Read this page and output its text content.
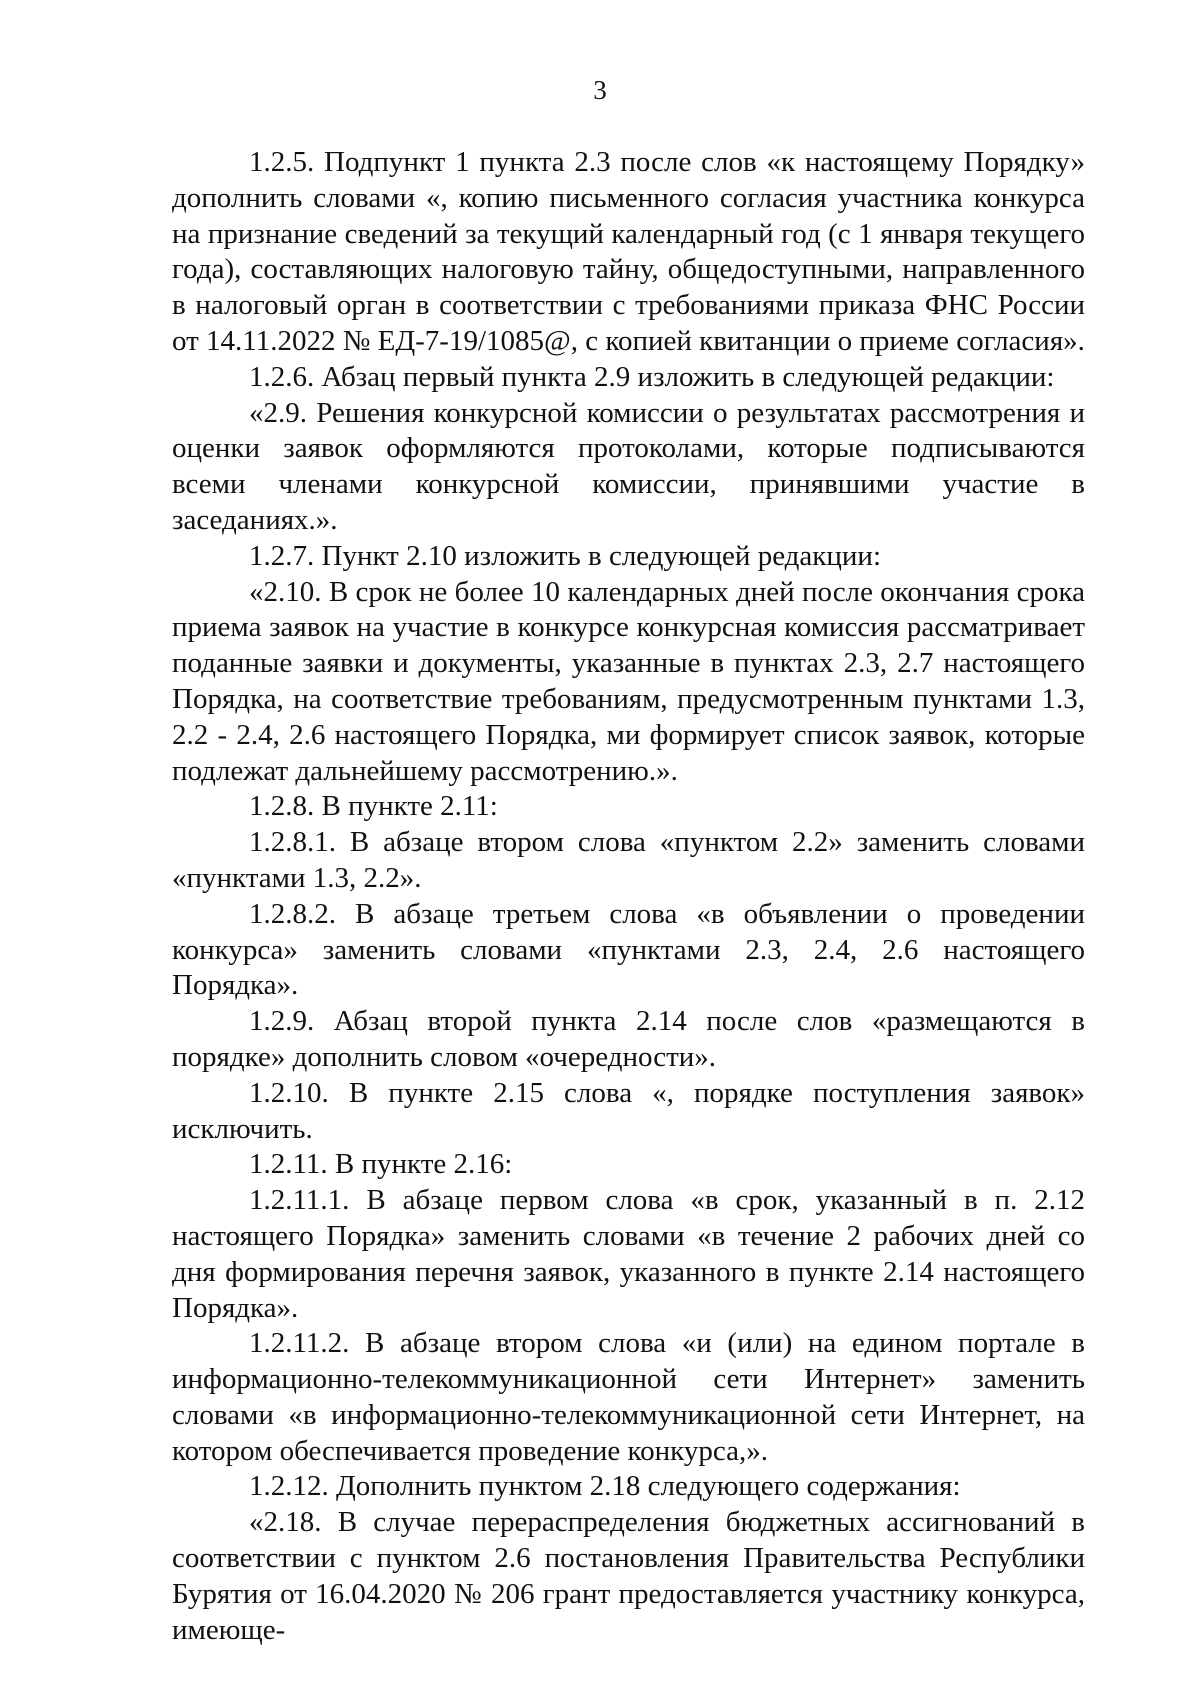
3

1.2.5. Подпункт 1 пункта 2.3 после слов «к настоящему Порядку» дополнить словами «, копию письменного согласия участника конкурса на признание сведений за текущий календарный год (с 1 января текущего года), составляющих налоговую тайну, общедоступными, направленного в налоговый орган в соответствии с требованиями приказа ФНС России от 14.11.2022 № ЕД-7-19/1085@, с копией квитанции о приеме согласия».

1.2.6. Абзац первый пункта 2.9 изложить в следующей редакции:

«2.9. Решения конкурсной комиссии о результатах рассмотрения и оценки заявок оформляются протоколами, которые подписываются всеми членами конкурсной комиссии, принявшими участие в заседаниях.».

1.2.7. Пункт 2.10 изложить в следующей редакции:

«2.10. В срок не более 10 календарных дней после окончания срока приема заявок на участие в конкурсе конкурсная комиссия рассматривает поданные заявки и документы, указанные в пунктах 2.3, 2.7 настоящего Порядка, на соответствие требованиям, предусмотренным пунктами 1.3, 2.2 - 2.4, 2.6 настоящего Порядка, ми формирует список заявок, которые подлежат дальнейшему рассмотрению.».

1.2.8. В пункте 2.11:

1.2.8.1. В абзаце втором слова «пунктом 2.2» заменить словами «пунктами 1.3, 2.2».

1.2.8.2. В абзаце третьем слова «в объявлении о проведении конкурса» заменить словами «пунктами 2.3, 2.4, 2.6 настоящего Порядка».

1.2.9. Абзац второй пункта 2.14 после слов «размещаются в порядке» дополнить словом «очередности».

1.2.10. В пункте 2.15 слова «, порядке поступления заявок» исключить.

1.2.11. В пункте 2.16:

1.2.11.1. В абзаце первом слова «в срок, указанный в п. 2.12 настоящего Порядка» заменить словами «в течение 2 рабочих дней со дня формирования перечня заявок, указанного в пункте 2.14 настоящего Порядка».

1.2.11.2. В абзаце втором слова «и (или) на едином портале в информационно-телекоммуникационной сети Интернет» заменить словами «в информационно-телекоммуникационной сети Интернет, на котором обеспечивается проведение конкурса,».

1.2.12. Дополнить пунктом 2.18 следующего содержания:

«2.18. В случае перераспределения бюджетных ассигнований в соответствии с пунктом 2.6 постановления Правительства Республики Бурятия от 16.04.2020 № 206 грант предоставляется участнику конкурса, имеюще-
